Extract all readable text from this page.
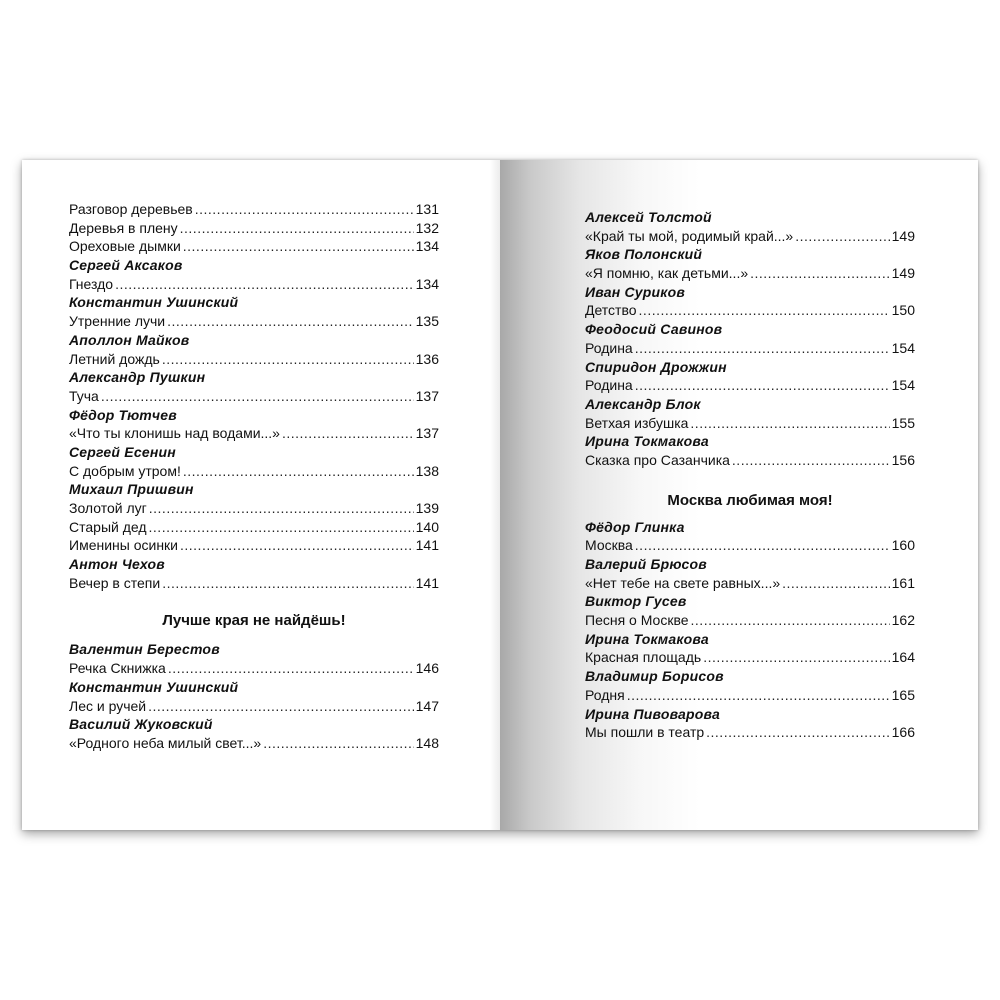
Разговор деревьев .....	131
Деревья в плену .....	132
Ореховые дымки .....	134
Сергей Аксаков
Гнездо .....	134
Константин Ушинский
Утренние лучи .....	135
Аполлон Майков
Летний дождь .....	136
Александр Пушкин
Туча .....	137
Фёдор Тютчев
«Что ты клонишь над водами...» .....	137
Сергей Есенин
С добрым утром! .....	138
Михаил Пришвин
Золотой луг .....	139
Старый дед .....	140
Именины осинки .....	141
Антон Чехов
Вечер в степи .....	141
Лучше края не найдёшь!
Валентин Берестов
Речка Скнижка .....	146
Константин Ушинский
Лес и ручей .....	147
Василий Жуковский
«Родного неба милый свет...» .....	148
Алексей Толстой
«Край ты мой, родимый край...» .....	149
Яков Полонский
«Я помню, как детьми...» .....	149
Иван Суриков
Детство .....	150
Феодосий Савинов
Родина .....	154
Спиридон Дрожжин
Родина .....	154
Александр Блок
Ветхая избушка .....	155
Ирина Токмакова
Сказка про Сазанчика .....	156
Москва любимая моя!
Фёдор Глинка
Москва .....	160
Валерий Брюсов
«Нет тебе на свете равных...» .....	161
Виктор Гусев
Песня о Москве .....	162
Ирина Токмакова
Красная площадь .....	164
Владимир Борисов
Родня .....	165
Ирина Пивоварова
Мы пошли в театр .....	166
